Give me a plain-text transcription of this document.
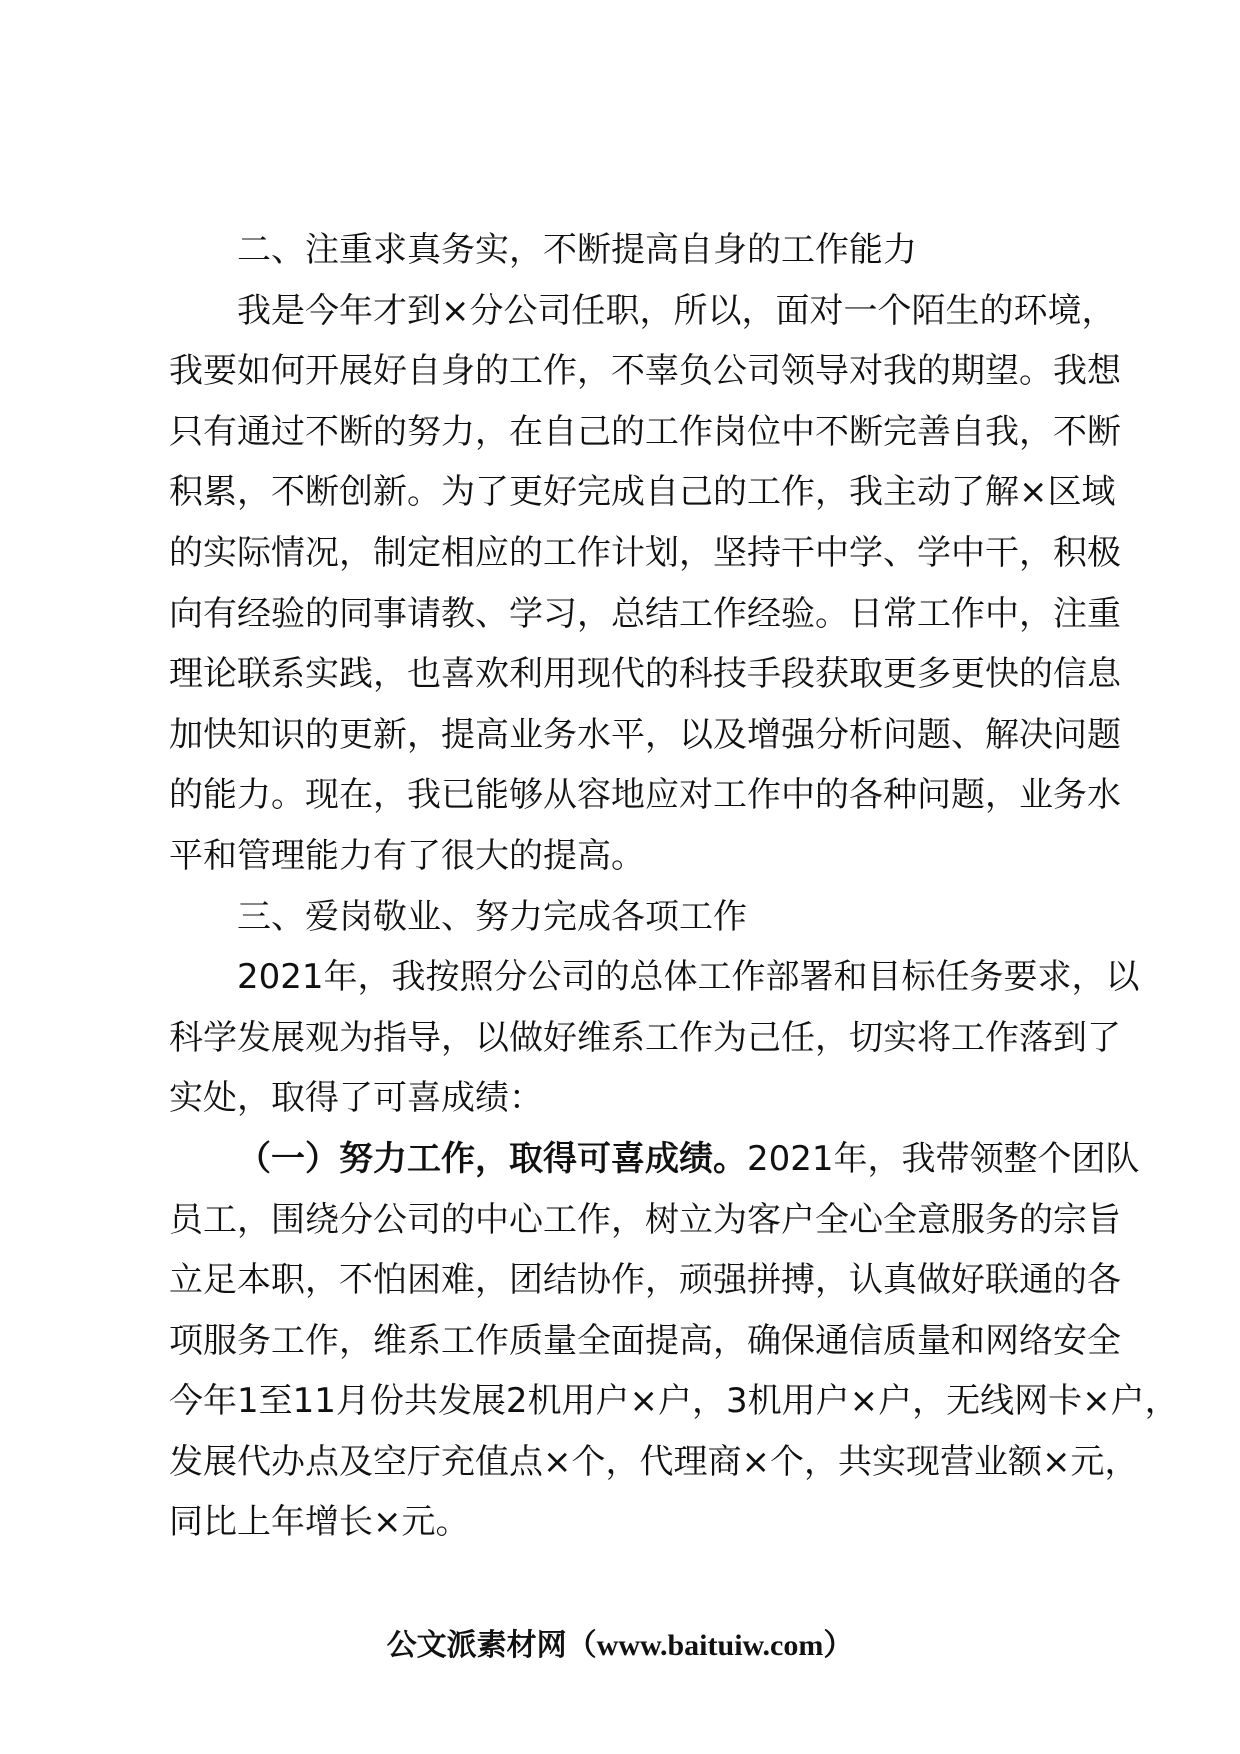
二、注重求真务实，不断提高自身的工作能力
我是今年才到×分公司任职，所以，面对一个陌生的环境，
我要如何开展好自身的工作，不辜负公司领导对我的期望。我想
只有通过不断的努力，在自己的工作岗位中不断完善自我，不断
积累，不断创新。为了更好完成自己的工作，我主动了解×区域
的实际情况，制定相应的工作计划，坚持干中学、学中干，积极
向有经验的同事请教、学习，总结工作经验。日常工作中，注重
理论联系实践，也喜欢利用现代的科技手段获取更多更快的信息
加快知识的更新，提高业务水平，以及增强分析问题、解决问题
的能力。现在，我已能够从容地应对工作中的各种问题，业务水
平和管理能力有了很大的提高。
三、爱岗敬业、努力完成各项工作
2021年，我按照分公司的总体工作部署和目标任务要求，以
科学发展观为指导，以做好维系工作为己任，切实将工作落到了
实处，取得了可喜成绩：
（一）努力工作，取得可喜成绩。2021年，我带领整个团队
员工，围绕分公司的中心工作，树立为客户全心全意服务的宗旨
立足本职，不怕困难，团结协作，顽强拼搏，认真做好联通的各
项服务工作，维系工作质量全面提高，确保通信质量和网络安全
今年1至11月份共发展2机用户×户，3机用户×户，无线网卡×户，
发展代办点及空厅充值点×个，代理商×个，共实现营业额×元，
同比上年增长×元。
公文派素材网（www.baituiw.com）
